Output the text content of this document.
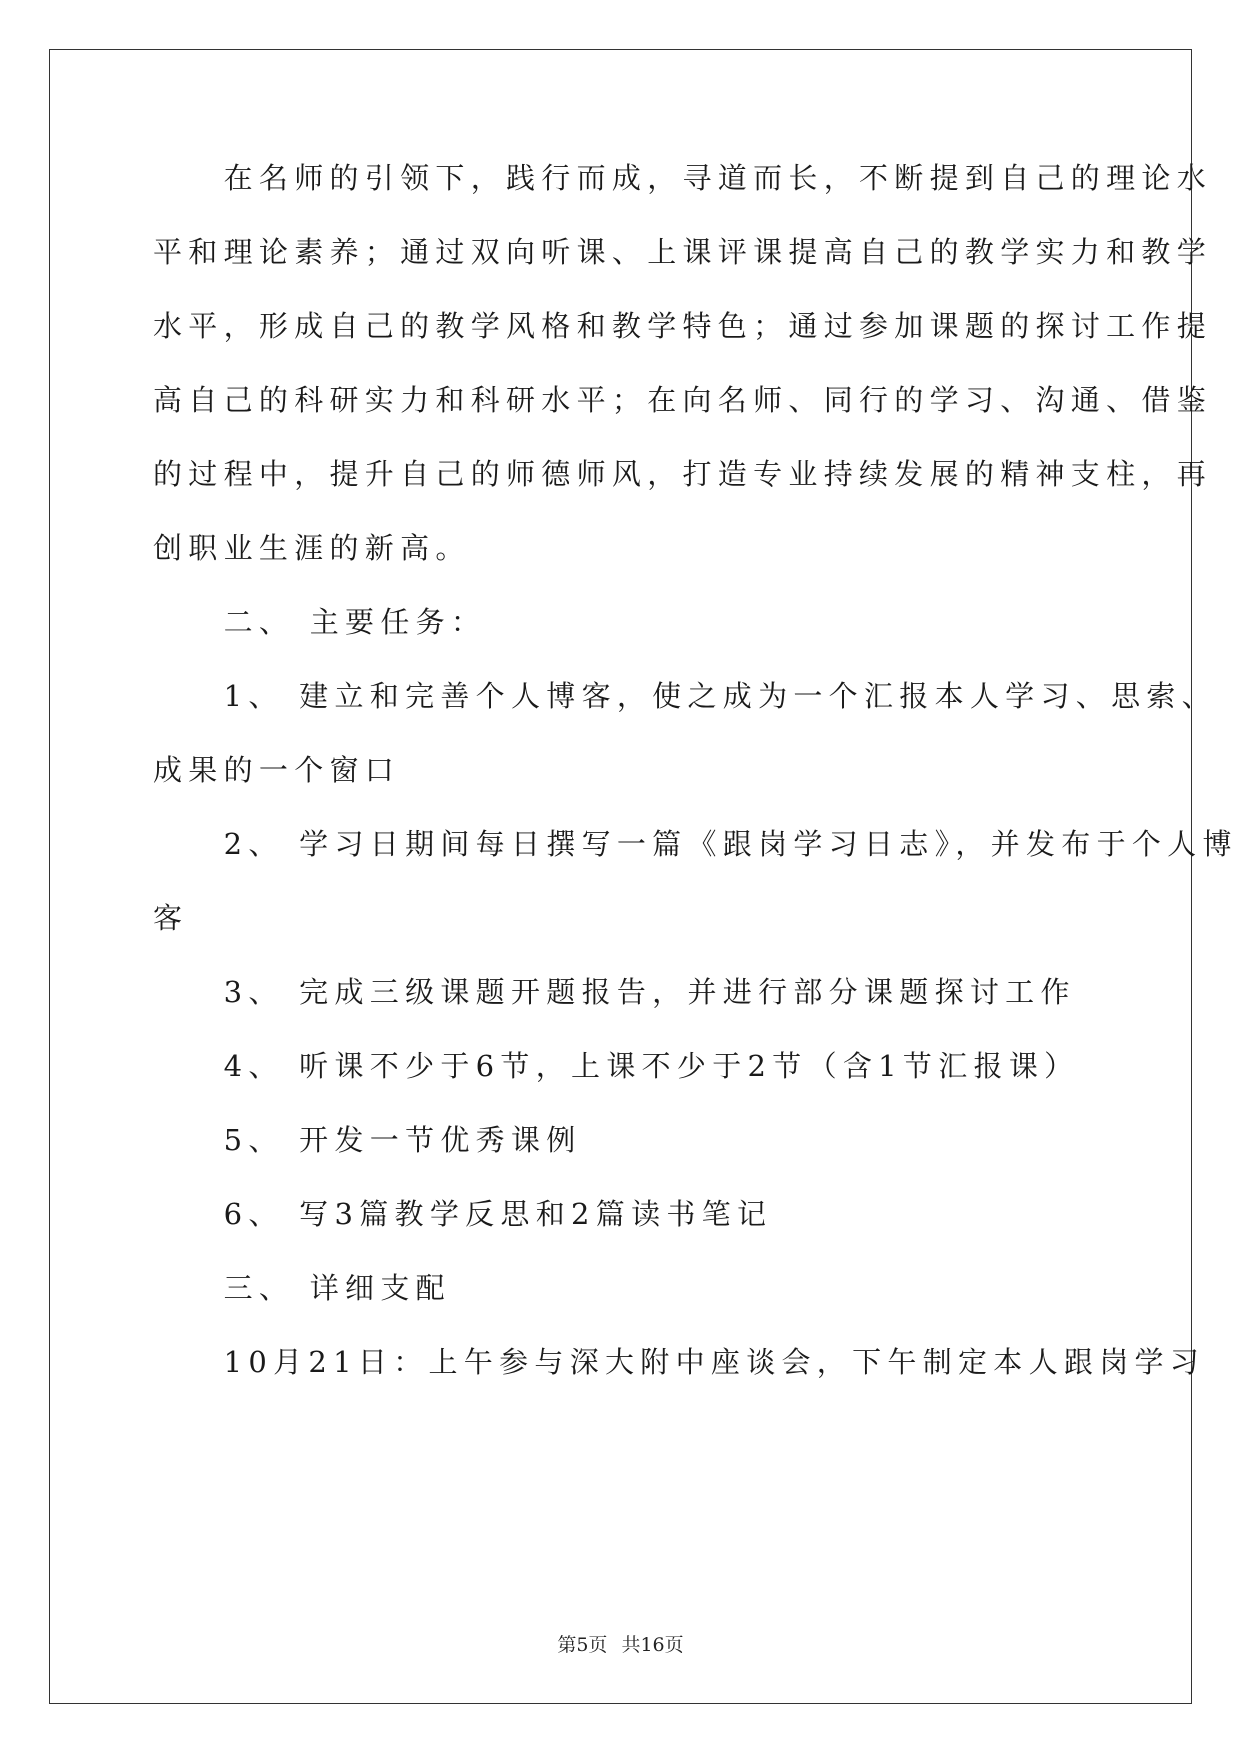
　　在名师的引领下，践行而成，寻道而长，不断提到自己的理论水
平和理论素养；通过双向听课、上课评课提高自己的教学实力和教学
水平，形成自己的教学风格和教学特色；通过参加课题的探讨工作提
高自己的科研实力和科研水平；在向名师、同行的学习、沟通、借鉴
的过程中，提升自己的师德师风，打造专业持续发展的精神支柱，再
创职业生涯的新高。
　　二、 主要任务：
　　1、 建立和完善个人博客，使之成为一个汇报本人学习、思索、
成果的一个窗口
　　2、 学习日期间每日撰写一篇《跟岗学习日志》，并发布于个人博
客
　　3、 完成三级课题开题报告，并进行部分课题探讨工作
　　4、 听课不少于6节，上课不少于2节（含1节汇报课）
　　5、 开发一节优秀课例
　　6、 写3篇教学反思和2篇读书笔记
　　三、 详细支配
　　10月21日：上午参与深大附中座谈会，下午制定本人跟岗学习
第5页 共16页
